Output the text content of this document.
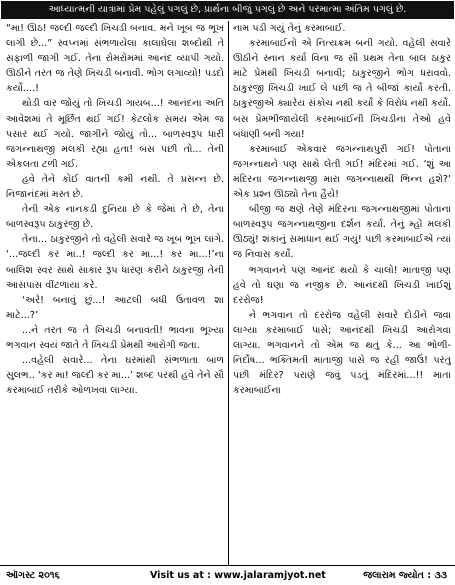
આધ્યાત્મની યાત્રામાં પ્રેમ પહેલું પગલું છે, પ્રાર્થના બીજું પગલું છે અને પરમાત્મા અંતિમ પગલું છે.

“મા! ઊઠ! જલ્દી જલ્દી ખિચડી બનાવ. મને ખૂબ જ ભૂખ લાગી છે...” સ્વપ્નમાં સંભળાયેલા કાલાઘેલા શબ્દોથી તે સફાળી જાગી ગઈ. તેના રોમરોમમાં આનંદ વ્યાપી ગયો. ઊઠીને તરત જ તેણે ખિચડી બનાવી. ભોગ લગાવ્યો! પડદો કર્યો....!

થોડી વાર જોયું તો ખિચડી ગાયબ...! આનંદના અતિ આવેશમાં તે મૂર્છિત થઈ ગઈ! કેટલોક સમય એમ જ પસાર થઈ ગયો. જાગીને જોયું તો... બાળસ્વરૂપ ધારી જગન્નાથજી મલકી રહ્યા હતા! બસ પછી તો... તેની એકલતા ટળી ગઈ.

હવે તેને કોઈ વાતની કમી નથી. તે પ્રસન્ન છે. નિજાનંદમાં મસ્ત છે.

તેની એક નાનકડી દુનિયા છે કે જેમાં તે છે, તેના બાળસ્વરૂપ ઠાકુરજી છે.

તેના... ઠાકુરજીને તો વહેલી સવારે જ ખૂબ ભૂખ લાગે. ‘...જલ્દી કર મા..! જલ્દી કર મા...! કર મા...!’ના બાલિશ સ્વર સાથે સાકાર રૂપ ધારણ કરીને ઠાકુરજી તેની આસપાસ વીંટળાયા કરે.

‘અરે! બનાવું છું...! આટલી બધી ઉતાવળ શા માટે...?’

...ને તરત જ તે ખિચડી બનાવતી! ભાવના ભૂખ્યા ભગવાન સ્વયં જાતે તે ખિચડી પ્રેમથી આરોગી જતા.

...વહેલી સવારે... તેના ઘરમાંથી સંભળાતા બાળ સુલભ.. ‘કર મા! જલ્દી કર મા...’ શબ્દ પરથી હવે તેને સૌ કરમાબાઈ તરીકે ઓળખવા લાગ્યા.

નામ પડી ગયું તેનું કરમાબાઈ.

કરમાબાઈનો એ નિત્યક્રમ બની ગયો. વહેલી સવારે ઊઠીને સ્નાન કર્યા વિના જ સૌ પ્રથમ તેના બાલ ઠાકુર માટે પ્રેમથી ખિચડી બનાવી; ઠાકુરજીને ભોગ ધરાવવો. ઠાકુરજી ખિચડી ખાઈ લે પછી જ તે બીજાં કાર્યો કરતી. ઠાકુરજીએ ક્યારેય સંકોચ નથી કર્યો કે વિરોધ નથી કર્યો. બસ પ્રેમભીંજાયેલી કરમાબાઈની ખિચડીના તેઓ હવે બંધાણી બની ગયા!

કરમાબાઈ એકવાર જગન્નાથપુરી ગઈ! પોતાના જગન્નાથને પણ સાથે લેતી ગઈ! મંદિરમાં ગઈ. ‘શું આ મંદિરના જગન્નાથજી મારા જગન્નાથથી ભિન્ન હશે?’ એક પ્રશ્ન ઊઠ્યો તેના હૈયે!

બીજી જ ક્ષણે તેણે મંદિરના જગન્નાથજીમાં પોતાના બાળસ્વરૂપ જગન્નાથજીના દર્શન કર્યાં. તેનું મ્હોં મલકી ઊઠ્યું! શંકાનું સમાધાન થઈ ગયું! પછી કરમાબાઈએ ત્યાં જ નિવાસ કર્યો.

ભગવાનને પણ આનંદ થયો કે ચાલો! માતાજી પણ હવે તો ઘણા જ નજીક છે. આનંદથી ખિચડી ખાઈશું દરરોજ!

ને ભગવાન તો દરરોજ વહેલી સવારે દોડીને જવા લાગ્યા કરમાબાઈ પાસે; આનંદથી ખિચડી આરોગવા લાગ્યા. ભગવાનને તો એમ જ થતું કે... આ ભોળી-નિર્દોષ... ભક્તિમતી માતાજી પાસે જ રહી જાઉં! પરંતુ પછી મંદિર? પરાણે જવું પડતું મંદિરમાં...!! માતા કરમાબાઈના

ઑગસ્ટ ૨૦૧૬	Visit us at : www.jalaramjyot.net	જલારામ જ્યોત : ૩૩
